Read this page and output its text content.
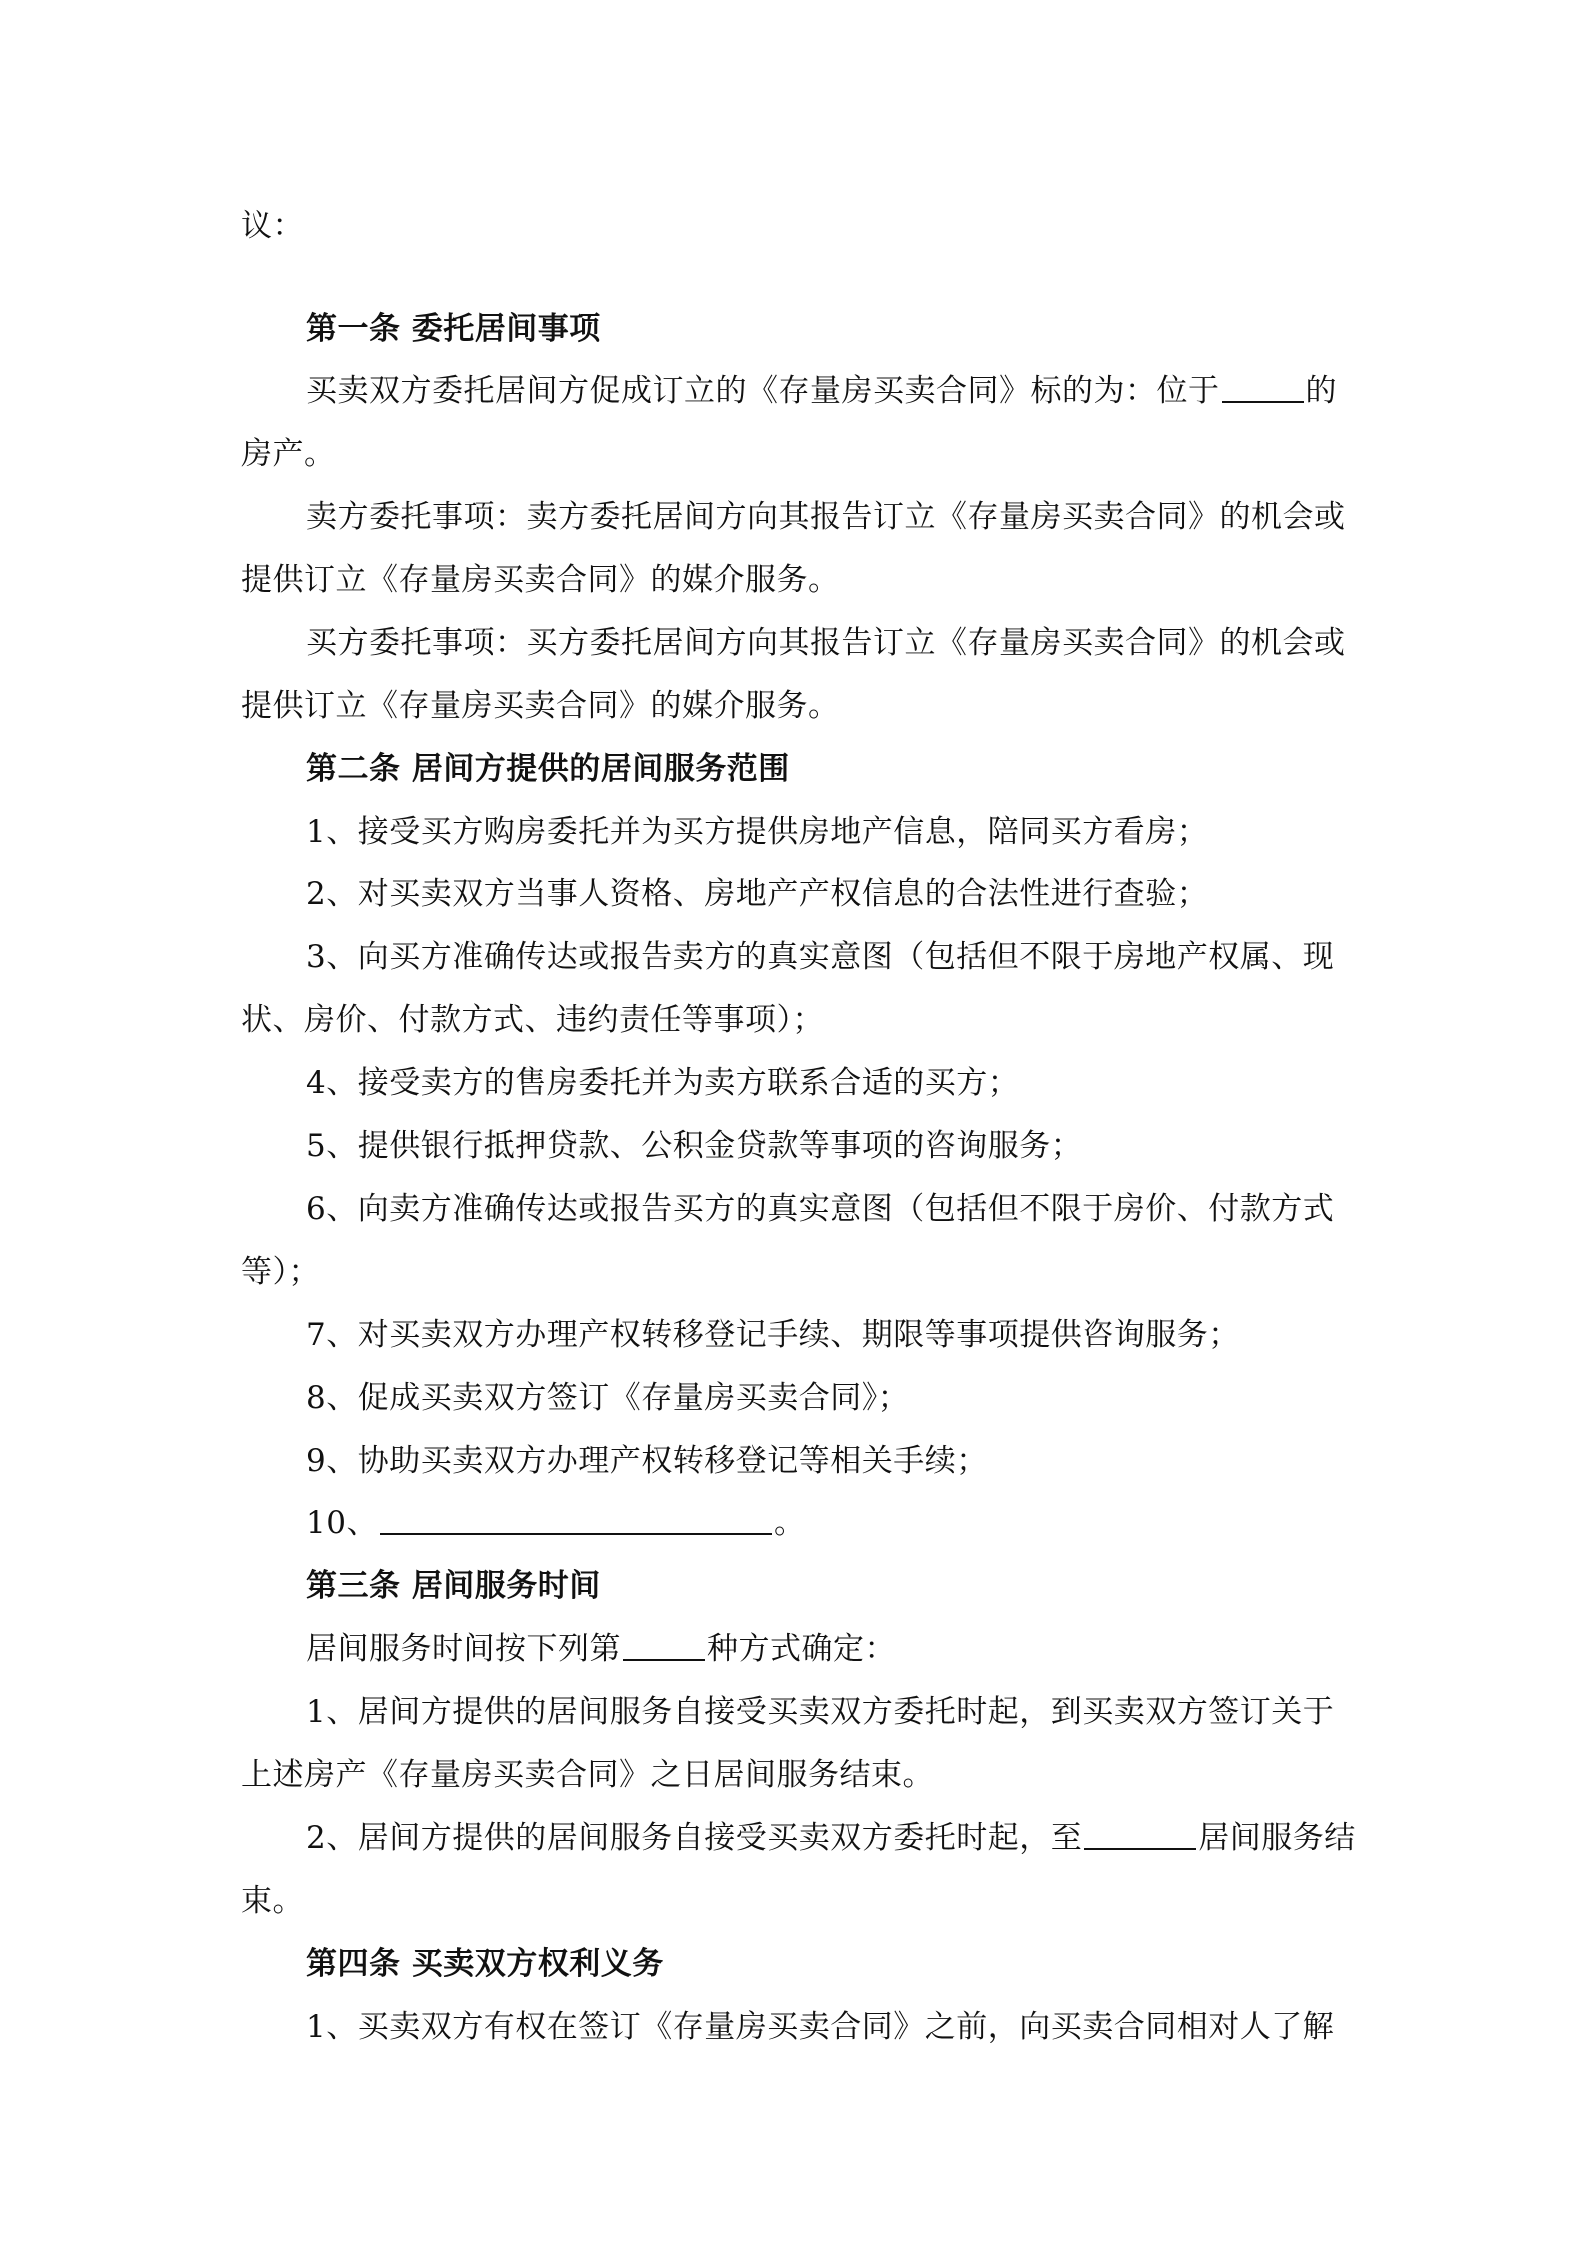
议：
第一条 委托居间事项
买卖双方委托居间方促成订立的《存量房买卖合同》标的为：位于	的
房产。
卖方委托事项：卖方委托居间方向其报告订立《存量房买卖合同》的机会或
提供订立《存量房买卖合同》的媒介服务。
买方委托事项：买方委托居间方向其报告订立《存量房买卖合同》的机会或
提供订立《存量房买卖合同》的媒介服务。
第二条 居间方提供的居间服务范围
1、接受买方购房委托并为买方提供房地产信息，陪同买方看房；
2、对买卖双方当事人资格、房地产产权信息的合法性进行查验；
3、向买方准确传达或报告卖方的真实意图（包括但不限于房地产权属、现
状、房价、付款方式、违约责任等事项）；
4、接受卖方的售房委托并为卖方联系合适的买方；
5、提供银行抵押贷款、公积金贷款等事项的咨询服务；
6、向卖方准确传达或报告买方的真实意图（包括但不限于房价、付款方式
等）；
7、对买卖双方办理产权转移登记手续、期限等事项提供咨询服务；
8、促成买卖双方签订《存量房买卖合同》；
9、协助买卖双方办理产权转移登记等相关手续；
10、	。
第三条 居间服务时间
居间服务时间按下列第	种方式确定：
1、居间方提供的居间服务自接受买卖双方委托时起，到买卖双方签订关于
上述房产《存量房买卖合同》之日居间服务结束。
2、居间方提供的居间服务自接受买卖双方委托时起，至	居间服务结
束。
第四条 买卖双方权利义务
1、买卖双方有权在签订《存量房买卖合同》之前，向买卖合同相对人了解
